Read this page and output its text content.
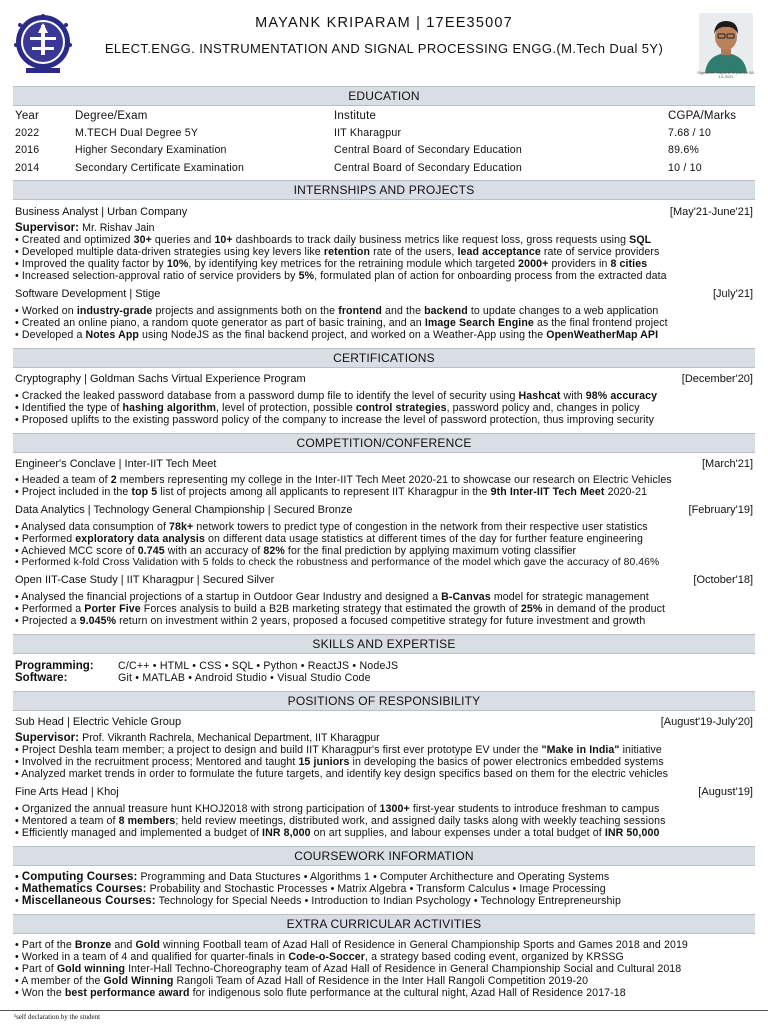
Signature: Mayank Kriparam 08-10-2021
MAYANK KRIPARAM | 17EE35007
ELECT.ENGG. INSTRUMENTATION AND SIGNAL PROCESSING ENGG.(M.Tech Dual 5Y)
EDUCATION
Year	Degree/Exam	Institute	CGPA/Marks
2022	M.TECH Dual Degree 5Y	IIT Kharagpur	7.68 / 10
2016	Higher Secondary Examination	Central Board of Secondary Education	89.6%
2014	Secondary Certificate Examination	Central Board of Secondary Education	10 / 10
INTERNSHIPS AND PROJECTS
Business Analyst | Urban Company	[May'21-June'21]
Supervisor: Mr. Rishav Jain
• Created and optimized 30+ queries and 10+ dashboards to track daily business metrics like request loss, gross requests using SQL
• Developed multiple data-driven strategies using key levers like retention rate of the users, lead acceptance rate of service providers
• Improved the quality factor by 10%, by identifying key metrices for the retraining module which targeted 2000+ providers in 8 cities
• Increased selection-approval ratio of service providers by 5%, formulated plan of action for onboarding process from the extracted data
Software Development | Stige	[July'21]
• Worked on industry-grade projects and assignments both on the frontend and the backend to update changes to a web application
• Created an online piano, a random quote generator as part of basic training, and an Image Search Engine as the final frontend project
• Developed a Notes App using NodeJS as the final backend project, and worked on a Weather-App using the OpenWeatherMap API
CERTIFICATIONS
Cryptography | Goldman Sachs Virtual Experience Program	[December'20]
• Cracked the leaked password database from a password dump file to identify the level of security using Hashcat with 98% accuracy
• Identified the type of hashing algorithm, level of protection, possible control strategies, password policy and, changes in policy
• Proposed uplifts to the existing password policy of the company to increase the level of password protection, thus improving security
COMPETITION/CONFERENCE
Engineer's Conclave | Inter-IIT Tech Meet	[March'21]
• Headed a team of 2 members representing my college in the Inter-IIT Tech Meet 2020-21 to showcase our research on Electric Vehicles
• Project included in the top 5 list of projects among all applicants to represent IIT Kharagpur in the 9th Inter-IIT Tech Meet 2020-21
Data Analytics | Technology General Championship | Secured Bronze	[February'19]
• Analysed data consumption of 78k+ network towers to predict type of congestion in the network from their respective user statistics
• Performed exploratory data analysis on different data usage statistics at different times of the day for further feature engineering
• Achieved MCC score of 0.745 with an accuracy of 82% for the final prediction by applying maximum voting classifier
• Performed k-fold Cross Validation with 5 folds to check the robustness and performance of the model which gave the accuracy of 80.46%
Open IIT-Case Study | IIT Kharagpur | Secured Silver	[October'18]
• Analysed the financial projections of a startup in Outdoor Gear Industry and designed a B-Canvas model for strategic management
• Performed a Porter Five Forces analysis to build a B2B marketing strategy that estimated the growth of 25% in demand of the product
• Projected a 9.045% return on investment within 2 years, proposed a focused competitive strategy for future investment and growth
SKILLS AND EXPERTISE
Programming: C/C++ • HTML • CSS • SQL • Python • ReactJS • NodeJS
Software:	Git • MATLAB • Android Studio • Visual Studio Code
POSITIONS OF RESPONSIBILITY
Sub Head | Electric Vehicle Group	[August'19-July'20]
Supervisor: Prof. Vikranth Rachrela, Mechanical Department, IIT Kharagpur
• Project Deshla team member; a project to design and build IIT Kharagpur's first ever prototype EV under the "Make in India" initiative
• Involved in the recruitment process; Mentored and taught 15 juniors in developing the basics of power electronics embedded systems
• Analyzed market trends in order to formulate the future targets, and identify key design specifics based on them for the electric vehicles
Fine Arts Head | Khoj	[August'19]
• Organized the annual treasure hunt KHOJ2018 with strong participation of 1300+ first-year students to introduce freshman to campus
• Mentored a team of 8 members; held review meetings, distributed work, and assigned daily tasks along with weekly teaching sessions
• Efficiently managed and implemented a budget of INR 8,000 on art supplies, and labour expenses under a total budget of INR 50,000
COURSEWORK INFORMATION
• Computing Courses: Programming and Data Stuctures • Algorithms 1 • Computer Archithecture and Operating Systems
• Mathematics Courses: Probability and Stochastic Processes • Matrix Algebra • Transform Calculus • Image Processing
• Miscellaneous Courses: Technology for Special Needs • Introduction to Indian Psychology • Technology Entrepreneurship
EXTRA CURRICULAR ACTIVITIES
• Part of the Bronze and Gold winning Football team of Azad Hall of Residence in General Championship Sports and Games 2018 and 2019
• Worked in a team of 4 and qualified for quarter-finals in Code-o-Soccer, a strategy based coding event, organized by KRSSG
• Part of Gold winning Inter-Hall Techno-Choreography team of Azad Hall of Residence in General Championship Social and Cultural 2018
• A member of the Gold Winning Rangoli Team of Azad Hall of Residence in the Inter Hall Rangoli Competition 2019-20
• Won the best performance award for indigenous solo flute performance at the cultural night, Azad Hall of Residence 2017-18
¹self declaration by the student
